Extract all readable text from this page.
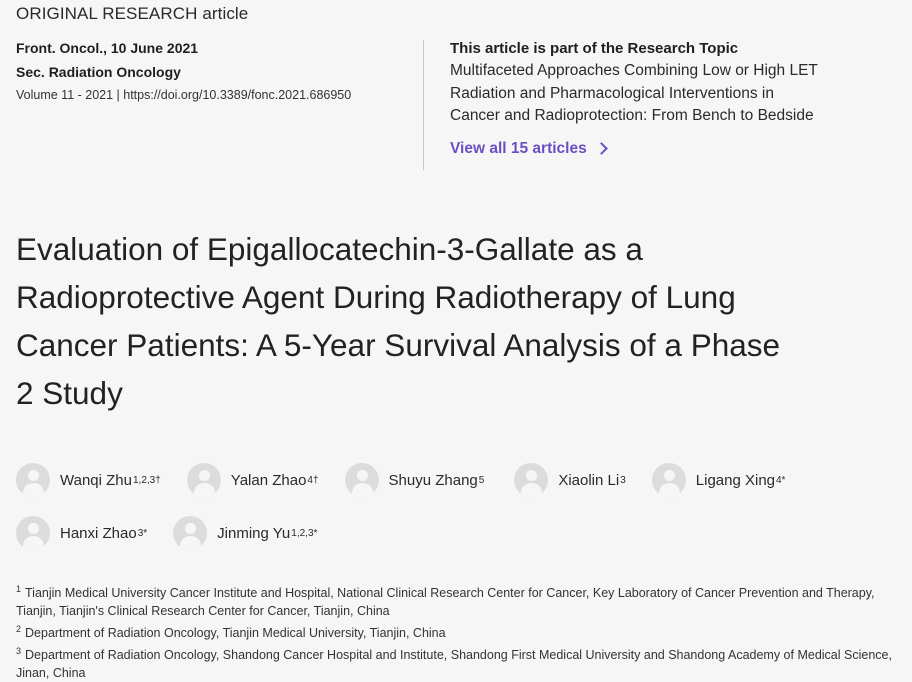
ORIGINAL RESEARCH article
Front. Oncol., 10 June 2021
Sec. Radiation Oncology
Volume 11 - 2021 | https://doi.org/10.3389/fonc.2021.686950
This article is part of the Research Topic
Multifaceted Approaches Combining Low or High LET
Radiation and Pharmacological Interventions in
Cancer and Radioprotection: From Bench to Bedside
View all 15 articles
Evaluation of Epigallocatechin-3-Gallate as a
Radioprotective Agent During Radiotherapy of Lung
Cancer Patients: A 5-Year Survival Analysis of a Phase
2 Study
Wanqi Zhu 1,2,3†	Yalan Zhao 4†	Shuyu Zhang 5	Xiaolin Li 3	Ligang Xing 4*
Hanxi Zhao 3*	Jinming Yu 1,2,3*
$^1$ Tianjin Medical University Cancer Institute and Hospital, National Clinical Research Center for Cancer, Key Laboratory of Cancer Prevention and Therapy, Tianjin, Tianjin's Clinical Research Center for Cancer, Tianjin, China
$^2$ Department of Radiation Oncology, Tianjin Medical University, Tianjin, China
$^3$ Department of Radiation Oncology, Shandong Cancer Hospital and Institute, Shandong First Medical University and Shandong Academy of Medical Science, Jinan, China
